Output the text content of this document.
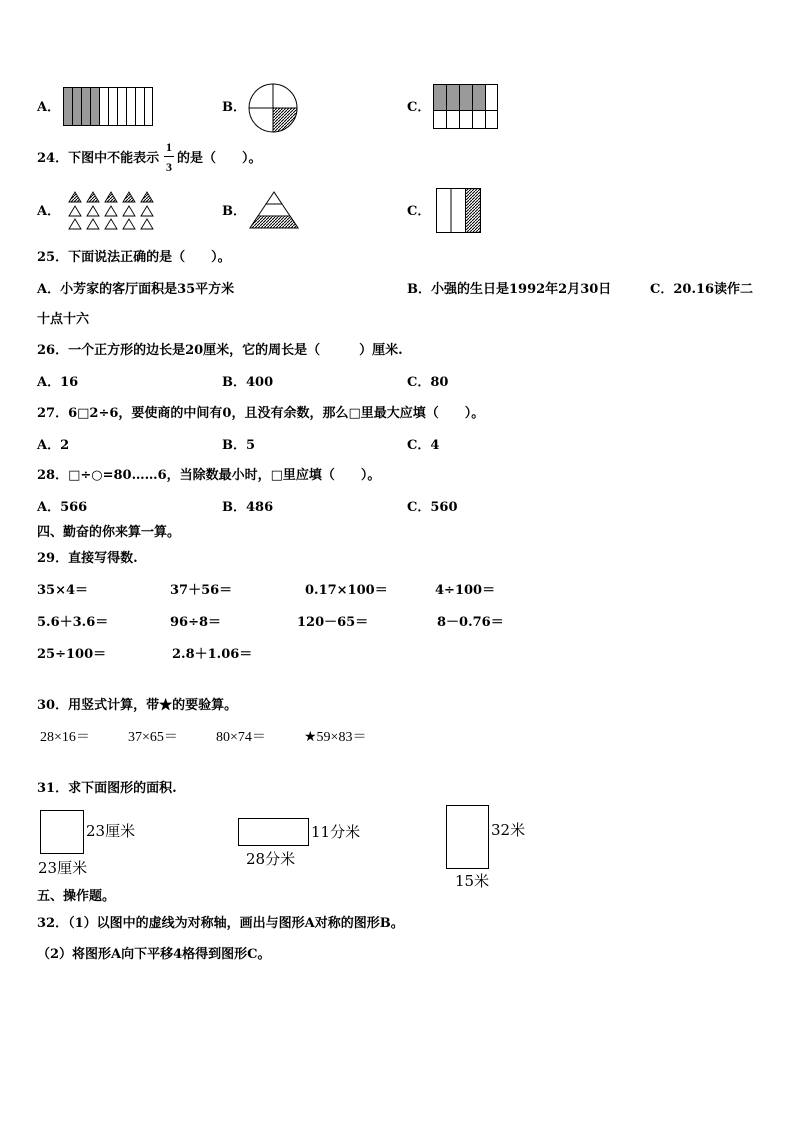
A．	B．	C．
24．下图中不能表示
1
3
的是（　　）。
A．	B．	C．
25．下面说法正确的是（　　）。
A．小芳家的客厅面积是35平方米	B．小强的生日是1992年2月30日	C．20.16读作二
十点十六
26．一个正方形的边长是20厘米，它的周长是（　　　）厘米.
A．16	B．400	C．80
27．6□2÷6，要使商的中间有0，且没有余数，那么□里最大应填（　　）。
A．2	B．5	C．4
28．□÷○=80……6，当除数最小时，□里应填（　　）。
A．566	B．486	C．560
四、勤奋的你来算一算。
29．直接写得数.
35×4＝	37＋56＝	0.17×100＝	4÷100＝
5.6＋3.6＝	96÷8＝	120－65＝	8－0.76＝
25÷100＝	2.8＋1.06＝
30．用竖式计算，带★的要验算。
28×16＝	37×65＝	80×74＝	★59×83＝
31．求下面图形的面积.
23厘米
23厘米
11分米
28分米
32米
15米
五、操作题。
32．（1）以图中的虚线为对称轴，画出与图形A对称的图形B。
（2）将图形A向下平移4格得到图形C。
